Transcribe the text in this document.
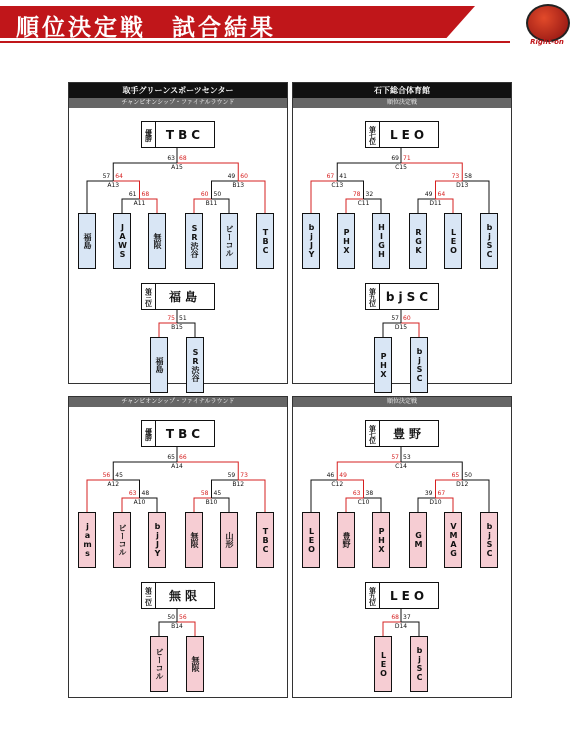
順位決定戦　試合結果
Right-on
取手グリーンスポーツセンター
チャンピオンシップ・ファイナルラウンド
優勝	TBC
57 64
61 68
63 68
60 50
49 60
A13
A11
A15
B11
B13
福島	JAWS	無限	SR渋谷	ビーコル	TBC
第三位	福島
75 51
B15
福島	SR渋谷
石下総合体育館
順位決定戦
第七位	LEO
67 41
78 32
69 71
49 64
73 58
C13
C11
C15
D11
D13
bjJY	PHX	HIGH	RGK	LEO	bjSC
第九位 bjSC
57 60
D15
PHX	bjSC
チャンピオンシップ・ファイナルラウンド
優勝	TBC
56 45
63 48
65 66
58 45
59 73
A12
A10
A14
B10
B12
jams	ビーコル	bjJY	無限	山形	TBC
第三位	無限
50 56
B14
ビーコル	無限
順位決定戦
第七位	豊野
46 49
63 38
57 53
39 67
65 50
C12
C10
C14
D10
D12
LEO	豊野	PHX	GM	VMAG	bjSC
第九位	LEO
68 37
D14
LEO	bjSC
